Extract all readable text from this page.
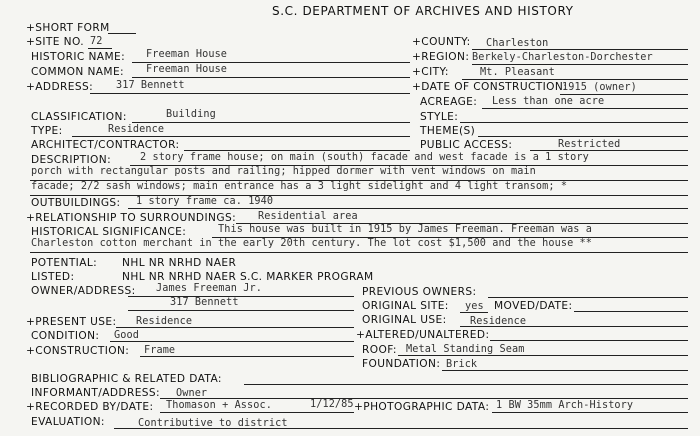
S.C. DEPARTMENT OF ARCHIVES AND HISTORY
+SHORT FORM
+SITE NO. 72	+COUNTY: Charleston
HISTORIC NAME: Freeman House	+REGION: Berkely-Charleston-Dorchester
COMMON NAME: Freeman House	+CITY:	Mt. Pleasant
+ADDRESS: 317 Bennett	+DATE OF CONSTRUCTION:
1915 (owner)
ACREAGE: Less than one acre
CLASSIFICATION:	Building	STYLE:
TYPE:	Residence	THEME(S)
ARCHITECT/CONTRACTOR:	PUBLIC ACCESS:	Restricted
DESCRIPTION:	2 story frame house; on main (south) facade and west facade is a 1 story
porch with rectangular posts and railing; hipped dormer with vent windows on main
facade; 2/2 sash windows; main entrance has a 3 light sidelight and 4 light transom; *
OUTBUILDINGS: 1 story frame ca. 1940
+RELATIONSHIP TO SURROUNDINGS: Residential area
HISTORICAL SIGNIFICANCE:	This house was built in 1915 by James Freeman. Freeman was a
Charleston cotton merchant in the early 20th century. The lot cost $1,500 and the house **
POTENTIAL: NHL NR NRHD NAER
LISTED:	NHL NR NRHD NAER S.C. MARKER PROGRAM
OWNER/ADDRESS: James Freeman Jr.
317 Bennett
PREVIOUS OWNERS:
ORIGINAL SITE: yes MOVED/DATE:
+PRESENT USE: Residence	ORIGINAL USE: Residence
CONDITION: Good	+ALTERED/UNALTERED:
+CONSTRUCTION: Frame	ROOF: Metal Standing Seam
FOUNDATION: Brick
BIBLIOGRAPHIC & RELATED DATA:
INFORMANT/ADDRESS: Owner
+RECORDED BY/DATE: Thomason + Assoc.	1/12/85 +PHOTOGRAPHIC DATA: 1 BW 35mm Arch-History
EVALUATION:	Contributive to district
